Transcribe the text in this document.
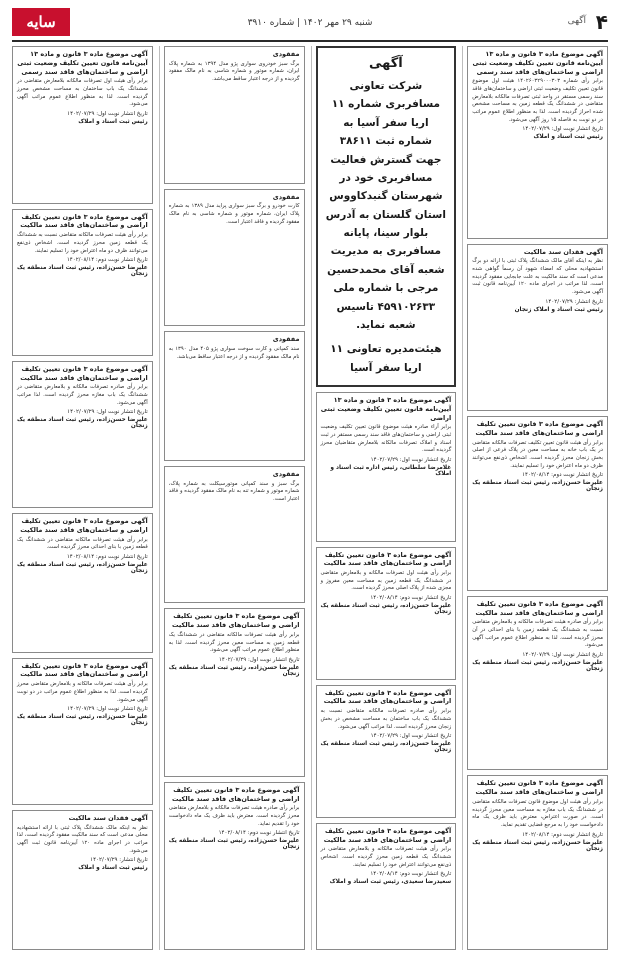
۴
آگهی
شنبه ۲۹ مهر ۱۴۰۲ | شماره ۳۹۱۰
سایه
آگهی موضوع ماده ۳ قانون و ماده ۱۳ آیین‌نامه قانون تعیین تکلیف وضعیت ثبتی اراضی و ساختمان‌های فاقد سند رسمی
برابر رأی شماره ۱۴۰۲۶۰۳۲۹۰۰۰۳۰۳ هیئت اول موضوع قانون تعیین تکلیف وضعیت ثبتی اراضی و ساختمان‌های فاقد سند رسمی مستقر در واحد ثبتی تصرفات مالکانه بلامعارض متقاضی در ششدانگ یک قطعه زمین به مساحت مشخص شده احراز گردیده است. لذا به منظور اطلاع عموم مراتب در دو نوبت به فاصله ۱۵ روز آگهی می‌شود.
تاریخ انتشار نوبت اول: ۱۴۰۲/۰۷/۲۹
رئیس ثبت اسناد و املاک
آگهی فقدان سند مالکیت
نظر به اینکه آقای مالک ششدانگ پلاک ثبتی با ارائه دو برگ استشهادیه محلی که امضاء شهود آن رسماً گواهی شده مدعی است که سند مالکیت به علت جابجایی مفقود گردیده است، لذا مراتب در اجرای ماده ۱۲۰ آیین‌نامه قانون ثبت آگهی می‌شود.
تاریخ انتشار: ۱۴۰۲/۰۷/۲۹
رئیس ثبت اسناد و املاک زنجان
آگهی موضوع ماده ۳ قانون تعیین تکلیف اراضی و ساختمان‌های فاقد سند مالکیت
برابر رأی هیئت قانون تعیین تکلیف تصرفات مالکانه متقاضی در یک باب خانه به مساحت معین در پلاک فرعی از اصلی بخش زنجان محرز گردیده است. اشخاص ذی‌نفع می‌توانند ظرف دو ماه اعتراض خود را تسلیم نمایند.
تاریخ انتشار نوبت دوم: ۱۴۰۲/۰۸/۱۴
علیرضا حسن‌زاده، رئیس ثبت اسناد منطقه یک زنجان
آگهی موضوع ماده ۳ قانون تعیین تکلیف اراضی و ساختمان‌های فاقد سند مالکیت
برابر رأی صادره هیئت تصرفات مالکانه و بلامعارض متقاضی نسبت به ششدانگ یک قطعه زمین با بنای احداثی در آن محرز گردیده است. لذا به منظور اطلاع عموم مراتب آگهی می‌شود.
تاریخ انتشار نوبت اول: ۱۴۰۲/۰۷/۲۹
علیرضا حسن‌زاده، رئیس ثبت اسناد منطقه یک زنجان
آگهی موضوع ماده ۳ قانون تعیین تکلیف اراضی و ساختمان‌های فاقد سند مالکیت
برابر رأی هیئت اول موضوع قانون تصرفات مالکانه متقاضی در ششدانگ یک باب مغازه به مساحت معین محرز گردیده است. در صورت اعتراض، معترض باید ظرف یک ماه دادخواست خود را به مرجع قضایی تقدیم نماید.
تاریخ انتشار نوبت دوم: ۱۴۰۲/۰۸/۱۴
علیرضا حسن‌زاده، رئیس ثبت اسناد منطقه یک زنجان
آگهی
شرکت تعاونی مسافربری شماره ۱۱ اریا سفر آسیا به شماره ثبت ۳۸۶۱۱ جهت گسترش فعالیت مسافربری خود در شهرستان گنبدکاووس استان گلستان به آدرس بلوار سینا، پایانه مسافربری به مدیریت شعبه آقای محمدحسین مرجی با شماره ملی ۴۵۹۱۰۲۶۳۳ تاسیس شعبه نماید.
هیئت‌مدیره تعاونی ۱۱ اریا سفر آسیا
آگهی موضوع ماده ۳ قانون و ماده ۱۳ آیین‌نامه قانون تعیین تکلیف وضعیت ثبتی اراضی
برابر آراء صادره هیئت موضوع قانون تعیین تکلیف وضعیت ثبتی اراضی و ساختمان‌های فاقد سند رسمی مستقر در ثبت اسناد و املاک تصرفات مالکانه بلامعارض متقاضیان محرز گردیده است.
تاریخ انتشار نوبت اول: ۱۴۰۲/۰۷/۲۹
غلامرضا سلطانی، رئیس اداره ثبت اسناد و املاک
آگهی موضوع ماده ۳ قانون تعیین تکلیف اراضی و ساختمان‌های فاقد سند مالکیت
برابر رأی هیئت اول تصرفات مالکانه و بلامعارض متقاضی در ششدانگ یک قطعه زمین به مساحت معین مفروز و مجزی شده از پلاک اصلی محرز گردیده است.
تاریخ انتشار نوبت دوم: ۱۴۰۲/۰۸/۱۴
علیرضا حسن‌زاده، رئیس ثبت اسناد منطقه یک زنجان
آگهی موضوع ماده ۳ قانون تعیین تکلیف اراضی و ساختمان‌های فاقد سند مالکیت
برابر رأی صادره تصرفات مالکانه متقاضی نسبت به ششدانگ یک باب ساختمان به مساحت مشخص در بخش زنجان محرز گردیده است. لذا مراتب آگهی می‌شود.
تاریخ انتشار نوبت اول: ۱۴۰۲/۰۷/۲۹
علیرضا حسن‌زاده، رئیس ثبت اسناد منطقه یک زنجان
آگهی موضوع ماده ۳ قانون تعیین تکلیف اراضی و ساختمان‌های فاقد سند مالکیت
برابر رأی هیئت تصرفات مالکانه و بلامعارض متقاضی در ششدانگ یک قطعه زمین محرز گردیده است. اشخاص ذی‌نفع می‌توانند اعتراض خود را تسلیم نمایند.
تاریخ انتشار نوبت دوم: ۱۴۰۲/۰۸/۱۴
سعیدرضا سعیدی، رئیس ثبت اسناد و املاک
مفقودی
برگ سبز خودروی سواری پژو مدل ۱۳۹۴ به شماره پلاک ایران، شماره موتور و شماره شاسی به نام مالک مفقود گردیده و از درجه اعتبار ساقط می‌باشد.
مفقودی
کارت خودرو و برگ سبز سواری پراید مدل ۱۳۸۹ به شماره پلاک ایران، شماره موتور و شماره شاسی به نام مالک مفقود گردیده و فاقد اعتبار است.
مفقودی
سند کمپانی و کارت سوخت سواری پژو ۴۰۵ مدل ۱۳۹۰ به نام مالک مفقود گردیده و از درجه اعتبار ساقط می‌باشد.
مفقودی
برگ سبز و سند کمپانی موتورسیکلت به شماره پلاک، شماره موتور و شماره تنه به نام مالک مفقود گردیده و فاقد اعتبار است.
آگهی موضوع ماده ۳ قانون تعیین تکلیف اراضی و ساختمان‌های فاقد سند مالکیت
برابر رأی هیئت تصرفات مالکانه متقاضی در ششدانگ یک قطعه زمین به مساحت معین محرز گردیده است. لذا به منظور اطلاع عموم مراتب آگهی می‌شود.
تاریخ انتشار نوبت اول: ۱۴۰۲/۰۷/۲۹
علیرضا حسن‌زاده، رئیس ثبت اسناد منطقه یک زنجان
آگهی موضوع ماده ۳ قانون تعیین تکلیف اراضی و ساختمان‌های فاقد سند مالکیت
برابر رأی صادره هیئت تصرفات مالکانه و بلامعارض متقاضی محرز گردیده است. معترض باید ظرف یک ماه دادخواست خود را تقدیم نماید.
تاریخ انتشار نوبت دوم: ۱۴۰۲/۰۸/۱۴
علیرضا حسن‌زاده، رئیس ثبت اسناد منطقه یک زنجان
آگهی موضوع ماده ۳ قانون و ماده ۱۳ آیین‌نامه قانون تعیین تکلیف وضعیت ثبتی اراضی و ساختمان‌های فاقد سند رسمی
برابر رأی هیئت اول تصرفات مالکانه بلامعارض متقاضی در ششدانگ یک باب ساختمان به مساحت مشخص محرز گردیده است. لذا به منظور اطلاع عموم مراتب آگهی می‌شود.
تاریخ انتشار نوبت اول: ۱۴۰۲/۰۷/۲۹
رئیس ثبت اسناد و املاک
آگهی موضوع ماده ۳ قانون تعیین تکلیف اراضی و ساختمان‌های فاقد سند مالکیت
برابر رأی هیئت تصرفات مالکانه متقاضی نسبت به ششدانگ یک قطعه زمین محرز گردیده است. اشخاص ذی‌نفع می‌توانند ظرف دو ماه اعتراض خود را تسلیم نمایند.
تاریخ انتشار نوبت دوم: ۱۴۰۲/۰۸/۱۴
علیرضا حسن‌زاده، رئیس ثبت اسناد منطقه یک زنجان
آگهی موضوع ماده ۳ قانون تعیین تکلیف اراضی و ساختمان‌های فاقد سند مالکیت
برابر رأی صادره تصرفات مالکانه و بلامعارض متقاضی در ششدانگ یک باب مغازه محرز گردیده است. لذا مراتب آگهی می‌شود.
تاریخ انتشار نوبت اول: ۱۴۰۲/۰۷/۲۹
علیرضا حسن‌زاده، رئیس ثبت اسناد منطقه یک زنجان
آگهی موضوع ماده ۳ قانون تعیین تکلیف اراضی و ساختمان‌های فاقد سند مالکیت
برابر رأی هیئت تصرفات مالکانه متقاضی در ششدانگ یک قطعه زمین با بنای احداثی محرز گردیده است.
تاریخ انتشار نوبت دوم: ۱۴۰۲/۰۸/۱۴
علیرضا حسن‌زاده، رئیس ثبت اسناد منطقه یک زنجان
آگهی موضوع ماده ۳ قانون تعیین تکلیف اراضی و ساختمان‌های فاقد سند مالکیت
برابر رأی هیئت تصرفات مالکانه و بلامعارض متقاضی محرز گردیده است. لذا به منظور اطلاع عموم مراتب در دو نوبت آگهی می‌شود.
تاریخ انتشار نوبت اول: ۱۴۰۲/۰۷/۲۹
علیرضا حسن‌زاده، رئیس ثبت اسناد منطقه یک زنجان
آگهی فقدان سند مالکیت
نظر به اینکه مالک ششدانگ پلاک ثبتی با ارائه استشهادیه محلی مدعی است که سند مالکیت مفقود گردیده است، لذا مراتب در اجرای ماده ۱۲۰ آیین‌نامه قانون ثبت آگهی می‌شود.
تاریخ انتشار: ۱۴۰۲/۰۷/۲۹
رئیس ثبت اسناد و املاک
